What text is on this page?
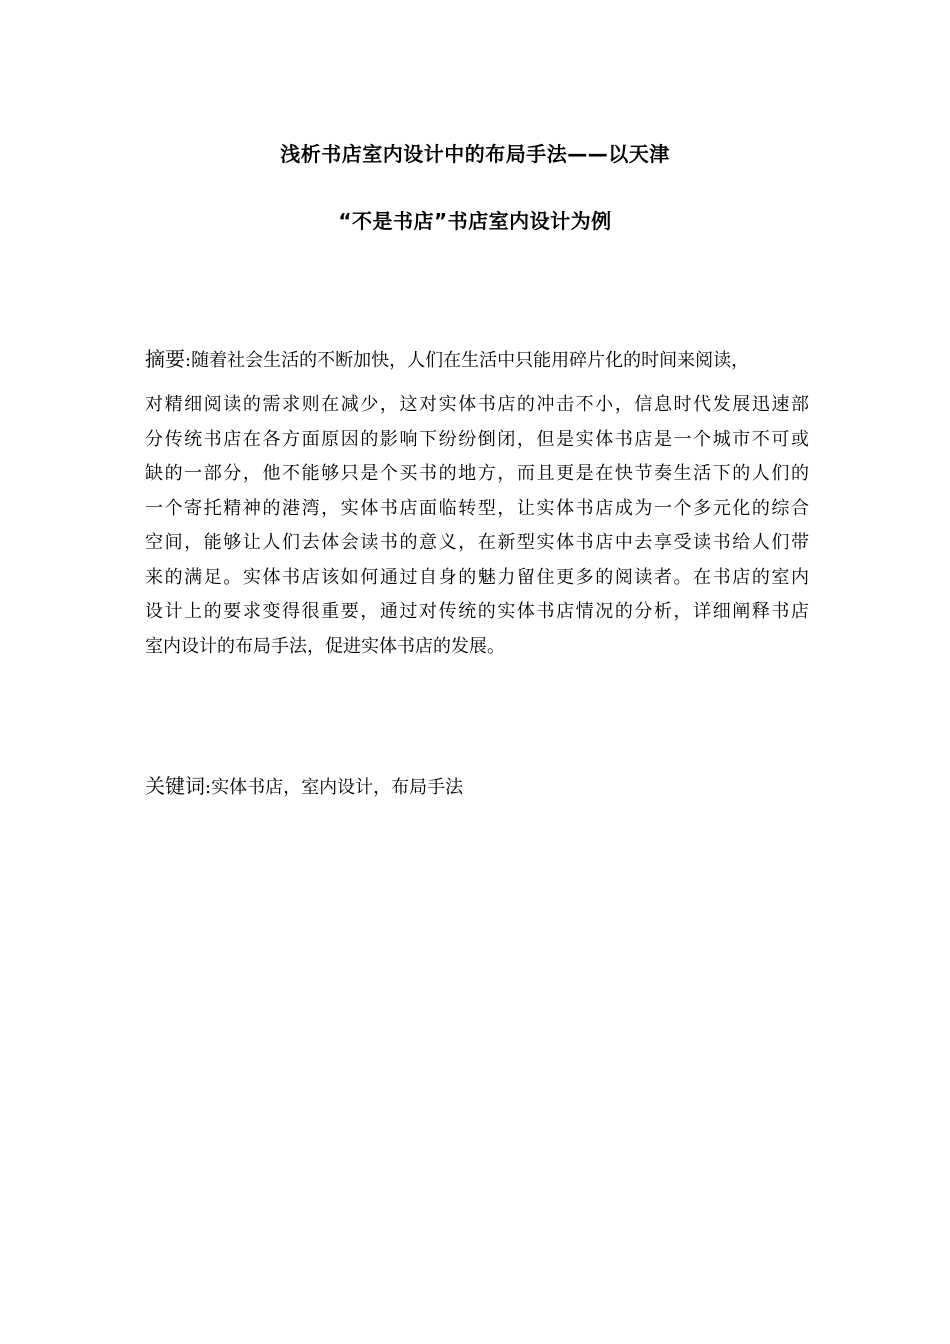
浅析书店室内设计中的布局手法——以天津
“不是书店”书店室内设计为例
摘要:随着社会生活的不断加快，人们在生活中只能用碎片化的时间来阅读，
对精细阅读的需求则在减少，这对实体书店的冲击不小，信息时代发展迅速部
分传统书店在各方面原因的影响下纷纷倒闭，但是实体书店是一个城市不可或
缺的一部分，他不能够只是个买书的地方，而且更是在快节奏生活下的人们的
一个寄托精神的港湾，实体书店面临转型，让实体书店成为一个多元化的综合
空间，能够让人们去体会读书的意义，在新型实体书店中去享受读书给人们带
来的满足。实体书店该如何通过自身的魅力留住更多的阅读者。在书店的室内
设计上的要求变得很重要，通过对传统的实体书店情况的分析，详细阐释书店
室内设计的布局手法，促进实体书店的发展。
关键词:实体书店，室内设计，布局手法
